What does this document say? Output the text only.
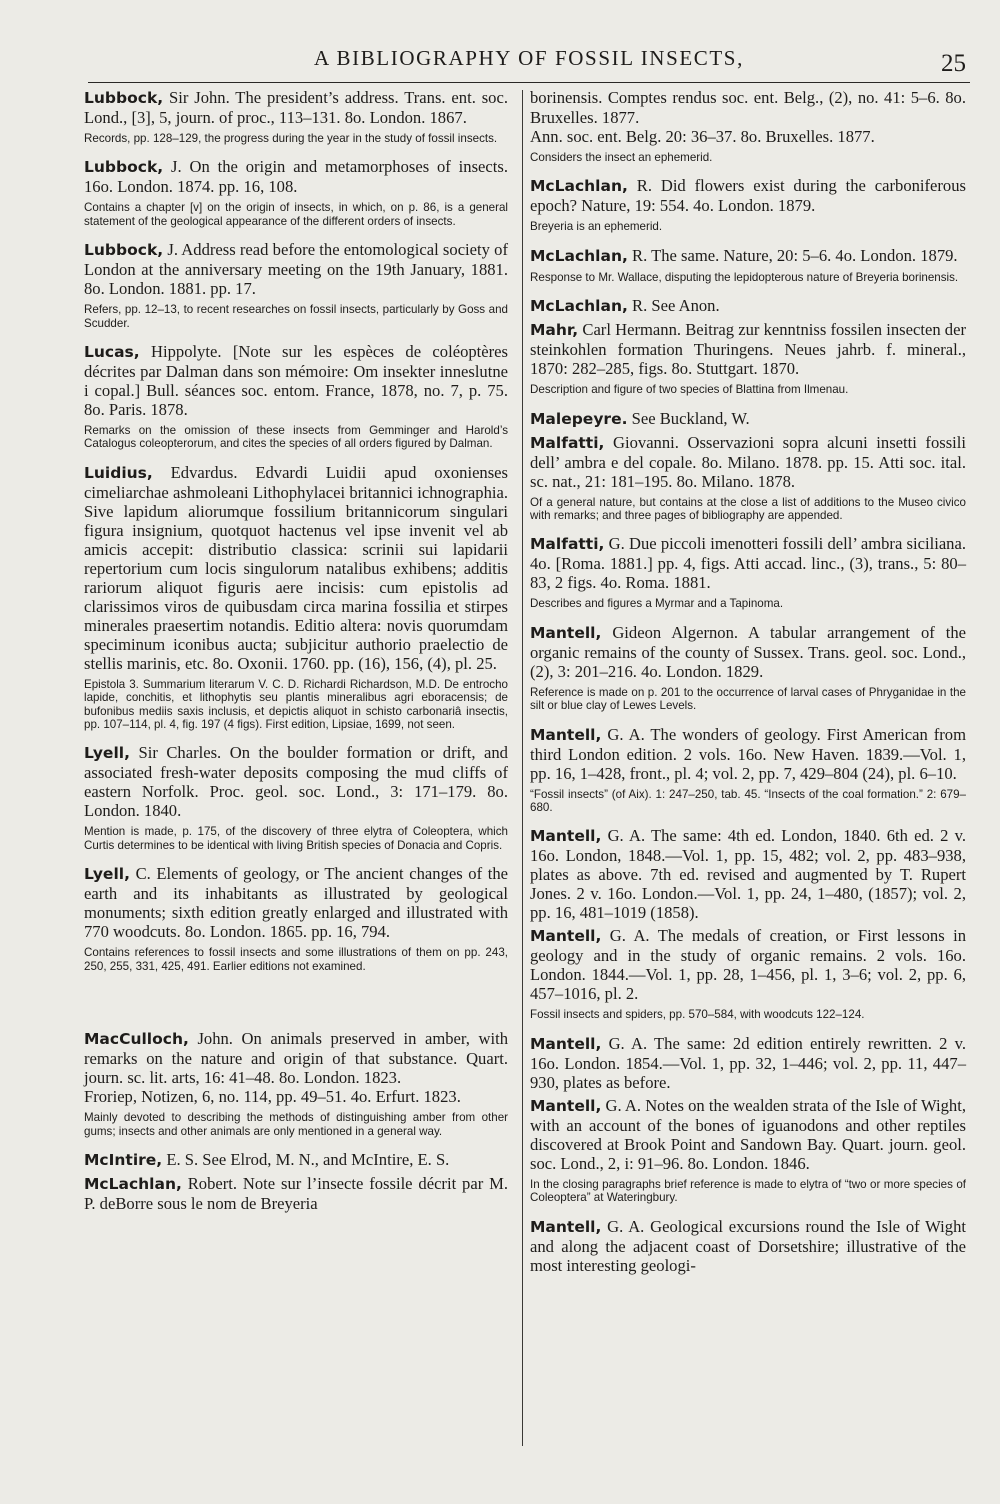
A BIBLIOGRAPHY OF FOSSIL INSECTS,	25

Lubbock, Sir John. The president’s address. Trans. ent. soc. Lond., [3], 5, journ. of proc., 113–131. 8o. London. 1867.

Records, pp. 128–129, the progress during the year in the study of fossil insects.

Lubbock, J. On the origin and metamorphoses of insects. 16o. London. 1874. pp. 16, 108.

Contains a chapter [v] on the origin of insects, in which, on p. 86, is a general statement of the geological appearance of the different orders of insects.

Lubbock, J. Address read before the entomological society of London at the anniversary meeting on the 19th January, 1881. 8o. London. 1881. pp. 17.

Refers, pp. 12–13, to recent researches on fossil insects, particularly by Goss and Scudder.

Lucas, Hippolyte. [Note sur les espèces de coléoptères décrites par Dalman dans son mémoire: Om insekter inneslutne i copal.] Bull. séances soc. entom. France, 1878, no. 7, p. 75. 8o. Paris. 1878.

Remarks on the omission of these insects from Gemminger and Harold’s Catalogus coleopterorum, and cites the species of all orders figured by Dalman.

Luidius, Edvardus. Edvardi Luidii apud oxonienses cimeliarchae ashmoleani Lithophylacei britannici ichnographia. Sive lapidum aliorumque fossilium britannicorum singulari figura insignium, quotquot hactenus vel ipse invenit vel ab amicis accepit: distributio classica: scrinii sui lapidarii repertorium cum locis singulorum natalibus exhibens; additis rariorum aliquot figuris aere incisis: cum epistolis ad clarissimos viros de quibusdam circa marina fossilia et stirpes minerales praesertim notandis. Editio altera: novis quorumdam speciminum iconibus aucta; subjicitur authorio praelectio de stellis marinis, etc. 8o. Oxonii. 1760. pp. (16), 156, (4), pl. 25.

Epistola 3. Summarium literarum V. C. D. Richardi Richardson, M.D. De entrocho lapide, conchitis, et lithophytis seu plantis mineralibus agri eboracensis; de bufonibus mediis saxis inclusis, et depictis aliquot in schisto carbonariâ insectis, pp. 107–114, pl. 4, fig. 197 (4 figs). First edition, Lipsiae, 1699, not seen.

Lyell, Sir Charles. On the boulder formation or drift, and associated fresh-water deposits composing the mud cliffs of eastern Norfolk. Proc. geol. soc. Lond., 3: 171–179. 8o. London. 1840.

Mention is made, p. 175, of the discovery of three elytra of Coleoptera, which Curtis determines to be identical with living British species of Donacia and Copris.

Lyell, C. Elements of geology, or The ancient changes of the earth and its inhabitants as illustrated by geological monuments; sixth edition greatly enlarged and illustrated with 770 woodcuts. 8o. London. 1865. pp. 16, 794.

Contains references to fossil insects and some illustrations of them on pp. 243, 250, 255, 331, 425, 491. Earlier editions not examined.

MacCulloch, John. On animals preserved in amber, with remarks on the nature and origin of that substance. Quart. journ. sc. lit. arts, 16: 41–48. 8o. London. 1823.

Froriep, Notizen, 6, no. 114, pp. 49–51. 4o. Erfurt. 1823.

Mainly devoted to describing the methods of distinguishing amber from other gums; insects and other animals are only mentioned in a general way.

McIntire, E. S. See Elrod, M. N., and McIntire, E. S.

McLachlan, Robert. Note sur l’insecte fossile décrit par M. P. deBorre sous le nom de Breyeria

borinensis. Comptes rendus soc. ent. Belg., (2), no. 41: 5–6. 8o. Bruxelles. 1877.

Ann. soc. ent. Belg. 20: 36–37. 8o. Bruxelles. 1877.

Considers the insect an ephemerid.

McLachlan, R. Did flowers exist during the carboniferous epoch? Nature, 19: 554. 4o. London. 1879.

Breyeria is an ephemerid.

McLachlan, R. The same. Nature, 20: 5–6. 4o. London. 1879.

Response to Mr. Wallace, disputing the lepidopterous nature of Breyeria borinensis.

McLachlan, R. See Anon.

Mahr, Carl Hermann. Beitrag zur kenntniss fossilen insecten der steinkohlen formation Thuringens. Neues jahrb. f. mineral., 1870: 282–285, figs. 8o. Stuttgart. 1870.

Description and figure of two species of Blattina from Ilmenau.

Malepeyre. See Buckland, W.

Malfatti, Giovanni. Osservazioni sopra alcuni insetti fossili dell’ ambra e del copale. 8o. Milano. 1878. pp. 15. Atti soc. ital. sc. nat., 21: 181–195. 8o. Milano. 1878.

Of a general nature, but contains at the close a list of additions to the Museo civico with remarks; and three pages of bibliography are appended.

Malfatti, G. Due piccoli imenotteri fossili dell’ ambra siciliana. 4o. [Roma. 1881.] pp. 4, figs. Atti accad. linc., (3), trans., 5: 80–83, 2 figs. 4o. Roma. 1881.

Describes and figures a Myrmar and a Tapinoma.

Mantell, Gideon Algernon. A tabular arrangement of the organic remains of the county of Sussex. Trans. geol. soc. Lond., (2), 3: 201–216. 4o. London. 1829.

Reference is made on p. 201 to the occurrence of larval cases of Phryganidae in the silt or blue clay of Lewes Levels.

Mantell, G. A. The wonders of geology. First American from third London edition. 2 vols. 16o. New Haven. 1839.—Vol. 1, pp. 16, 1–428, front., pl. 4; vol. 2, pp. 7, 429–804 (24), pl. 6–10.

“Fossil insects” (of Aix). 1: 247–250, tab. 45. “Insects of the coal formation.” 2: 679–680.

Mantell, G. A. The same: 4th ed. London, 1840. 6th ed. 2 v. 16o. London, 1848.—Vol. 1, pp. 15, 482; vol. 2, pp. 483–938, plates as above. 7th ed. revised and augmented by T. Rupert Jones. 2 v. 16o. London.—Vol. 1, pp. 24, 1–480, (1857); vol. 2, pp. 16, 481–1019 (1858).

Mantell, G. A. The medals of creation, or First lessons in geology and in the study of organic remains. 2 vols. 16o. London. 1844.—Vol. 1, pp. 28, 1–456, pl. 1, 3–6; vol. 2, pp. 6, 457–1016, pl. 2.

Fossil insects and spiders, pp. 570–584, with woodcuts 122–124.

Mantell, G. A. The same: 2d edition entirely rewritten. 2 v. 16o. London. 1854.—Vol. 1, pp. 32, 1–446; vol. 2, pp. 11, 447–930, plates as before.

Mantell, G. A. Notes on the wealden strata of the Isle of Wight, with an account of the bones of iguanodons and other reptiles discovered at Brook Point and Sandown Bay. Quart. journ. geol. soc. Lond., 2, i: 91–96. 8o. London. 1846.

In the closing paragraphs brief reference is made to elytra of “two or more species of Coleoptera” at Wateringbury.

Mantell, G. A. Geological excursions round the Isle of Wight and along the adjacent coast of Dorsetshire; illustrative of the most interesting geologi-
